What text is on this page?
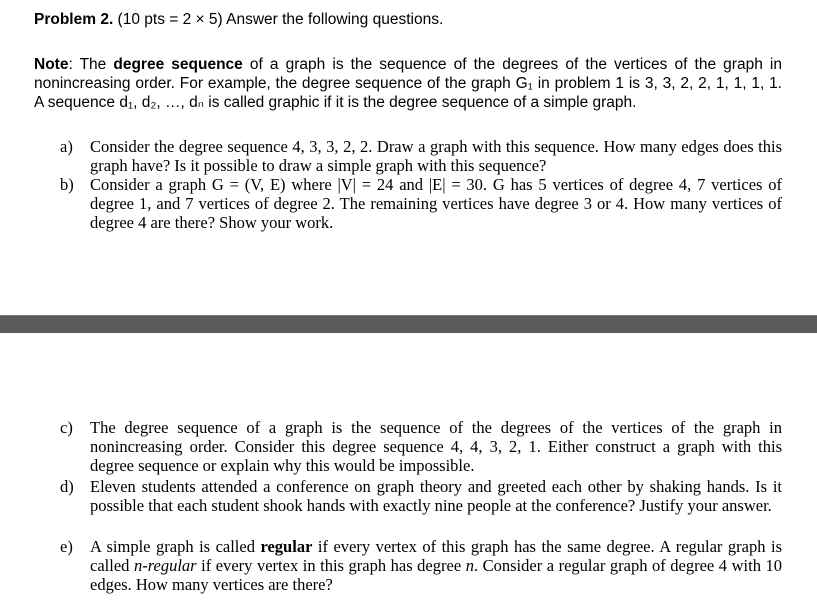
Problem 2. (10 pts = 2 × 5) Answer the following questions.
Note: The degree sequence of a graph is the sequence of the degrees of the vertices of the graph in nonincreasing order. For example, the degree sequence of the graph G₁ in problem 1 is 3, 3, 2, 2, 1, 1, 1, 1. A sequence d₁, d₂, …, dₙ is called graphic if it is the degree sequence of a simple graph.
a) Consider the degree sequence 4, 3, 3, 2, 2. Draw a graph with this sequence. How many edges does this graph have? Is it possible to draw a simple graph with this sequence?
b) Consider a graph G = (V, E) where |V| = 24 and |E| = 30. G has 5 vertices of degree 4, 7 vertices of degree 1, and 7 vertices of degree 2. The remaining vertices have degree 3 or 4. How many vertices of degree 4 are there? Show your work.
c) The degree sequence of a graph is the sequence of the degrees of the vertices of the graph in nonincreasing order. Consider this degree sequence 4, 4, 3, 2, 1. Either construct a graph with this degree sequence or explain why this would be impossible.
d) Eleven students attended a conference on graph theory and greeted each other by shaking hands. Is it possible that each student shook hands with exactly nine people at the conference? Justify your answer.
e) A simple graph is called regular if every vertex of this graph has the same degree. A regular graph is called n-regular if every vertex in this graph has degree n. Consider a regular graph of degree 4 with 10 edges. How many vertices are there?
